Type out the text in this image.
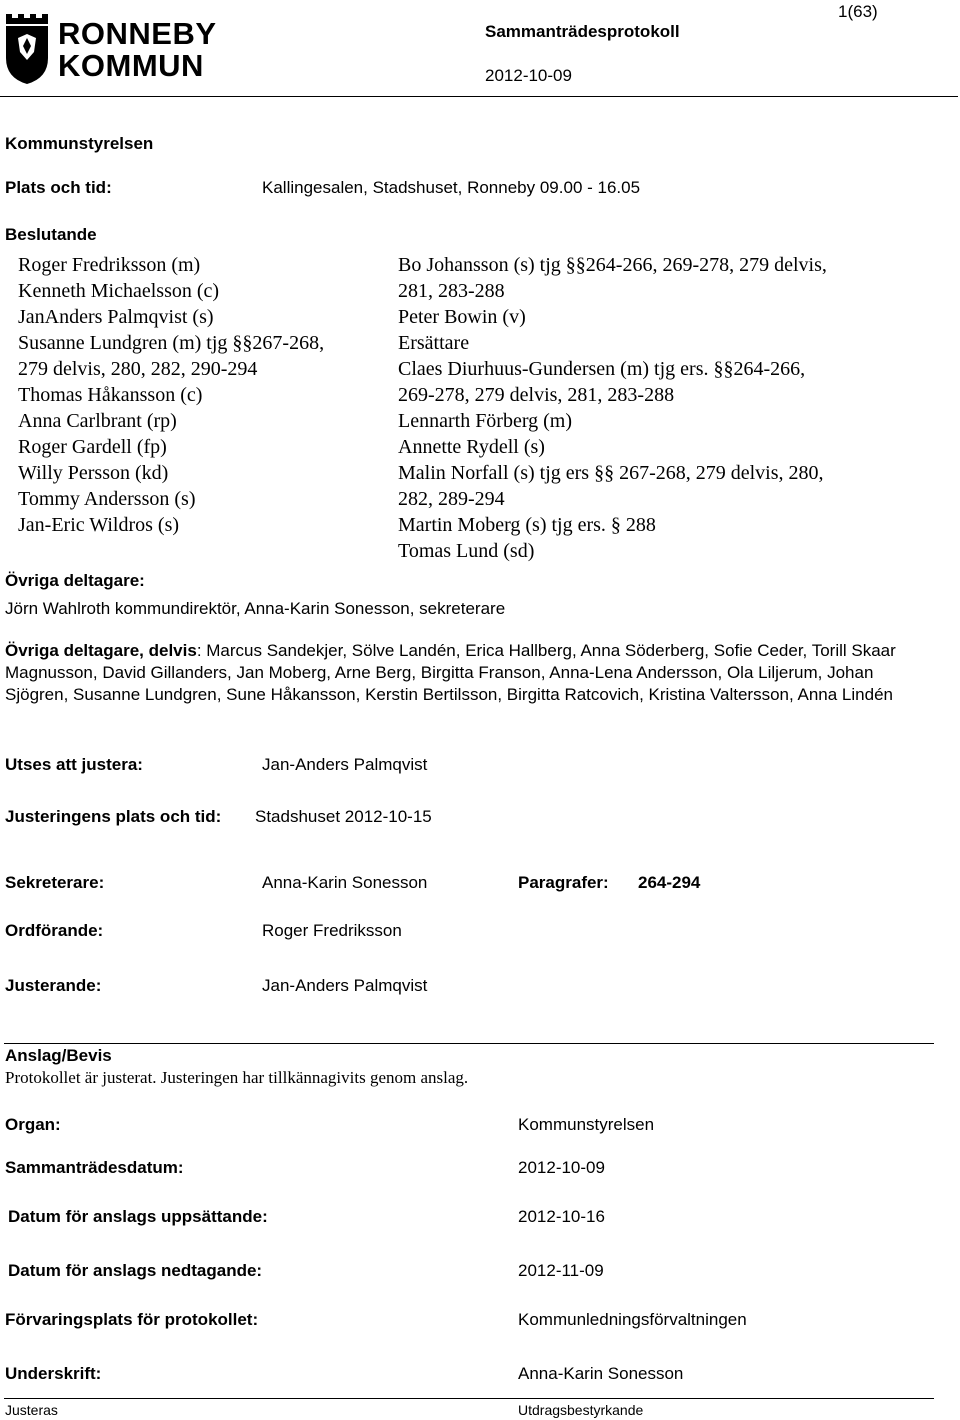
RONNEBY
KOMMUN
Sammanträdesprotokoll
2012-10-09
1(63)
Kommunstyrelsen
Plats och tid:	Kallingesalen, Stadshuset, Ronneby 09.00 - 16.05
Beslutande
Roger Fredriksson (m)
Kenneth Michaelsson (c)
JanAnders Palmqvist (s)
Susanne Lundgren (m) tjg §§267-268,
279 delvis, 280, 282, 290-294
Thomas Håkansson (c)
Anna Carlbrant (rp)
Roger Gardell (fp)
Willy Persson (kd)
Tommy Andersson (s)
Jan-Eric Wildros (s)
Bo Johansson (s) tjg §§264-266, 269-278, 279 delvis,
281, 283-288
Peter Bowin (v)
Ersättare
Claes Diurhuus-Gundersen (m) tjg ers. §§264-266,
269-278, 279 delvis, 281, 283-288
Lennarth Förberg (m)
Annette Rydell (s)
Malin Norfall (s) tjg ers §§ 267-268, 279 delvis, 280,
282, 289-294
Martin Moberg (s) tjg ers. § 288
Tomas Lund (sd)
Övriga deltagare:
Jörn Wahlroth kommundirektör, Anna-Karin Sonesson, sekreterare
Övriga deltagare, delvis: Marcus Sandekjer, Sölve Landén, Erica Hallberg, Anna Söderberg, Sofie Ceder, Torill Skaar Magnusson, David Gillanders, Jan Moberg, Arne Berg, Birgitta Franson, Anna-Lena Andersson, Ola Liljerum, Johan Sjögren, Susanne Lundgren, Sune Håkansson, Kerstin Bertilsson, Birgitta Ratcovich, Kristina Valtersson, Anna Lindén
Utses att justera:	Jan-Anders Palmqvist
Justeringens plats och tid: Stadshuset 2012-10-15
Sekreterare:	Anna-Karin Sonesson	Paragrafer: 264-294
Ordförande:	Roger Fredriksson
Justerande:	Jan-Anders Palmqvist
Anslag/Bevis
Protokollet är justerat. Justeringen har tillkännagivits genom anslag.
Organ:	Kommunstyrelsen
Sammanträdesdatum:	2012-10-09
Datum för anslags uppsättande:	2012-10-16
Datum för anslags nedtagande:	2012-11-09
Förvaringsplats för protokollet:	Kommunledningsförvaltningen
Underskrift:	Anna-Karin Sonesson
Justeras	Utdragsbestyrkande
